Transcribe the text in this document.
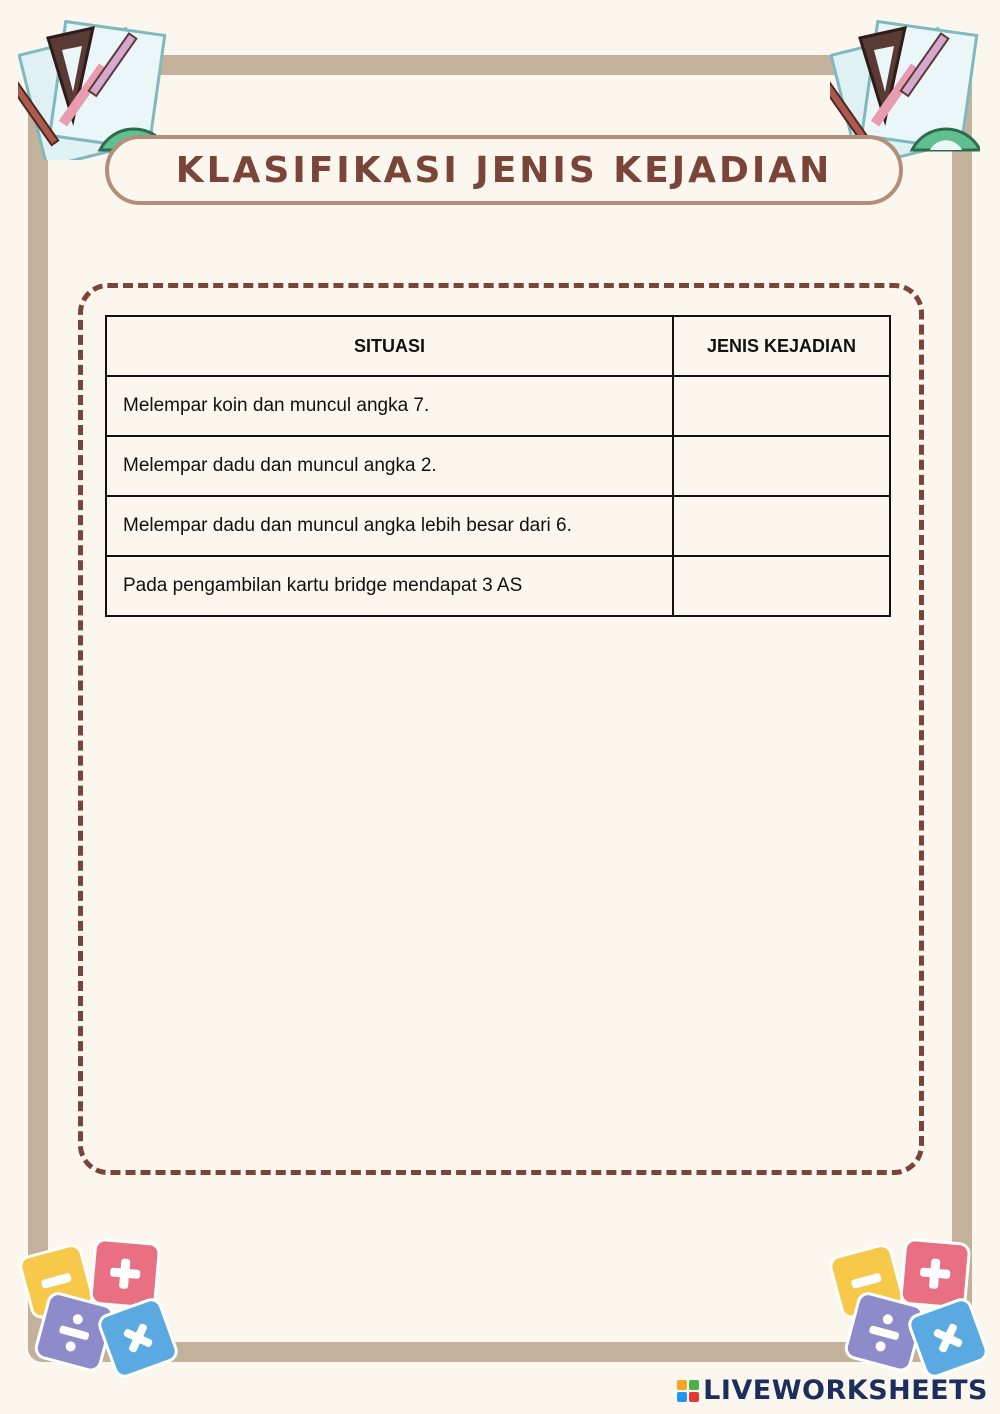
KLASIFIKASI JENIS KEJADIAN
SITUASI	JENIS KEJADIAN
Melempar koin dan muncul angka 7.	
Melempar dadu dan muncul angka 2.	
Melempar dadu dan muncul angka lebih besar dari 6.	
Pada pengambilan kartu bridge mendapat 3 AS	
LIVEWORKSHEETS
